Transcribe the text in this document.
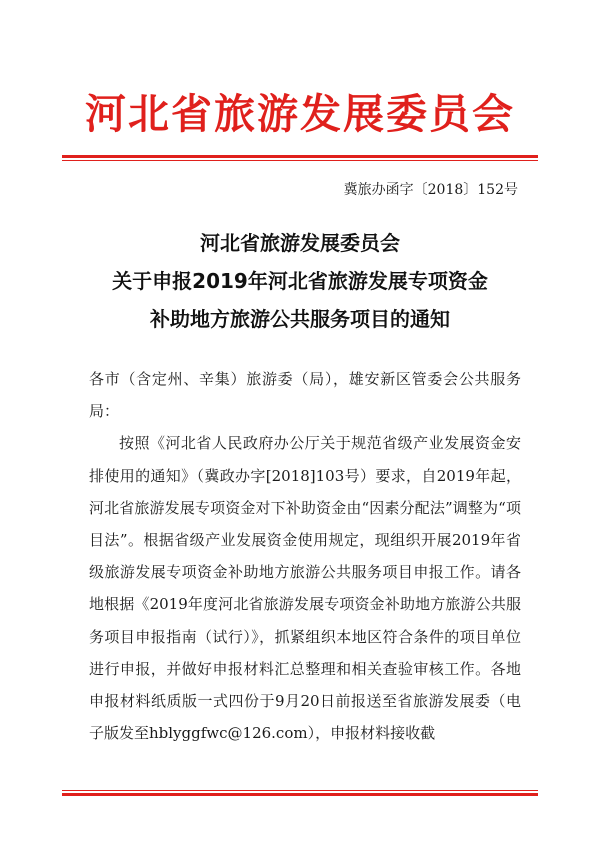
河北省旅游发展委员会
冀旅办函字〔2018〕152号
河北省旅游发展委员会
关于申报2019年河北省旅游发展专项资金
补助地方旅游公共服务项目的通知

各市（含定州、辛集）旅游委（局），雄安新区管委会公共服务局：

按照《河北省人民政府办公厅关于规范省级产业发展资金安排使用的通知》（冀政办字[2018]103号）要求，自2019年起，河北省旅游发展专项资金对下补助资金由“因素分配法”调整为“项目法”。根据省级产业发展资金使用规定，现组织开展2019年省级旅游发展专项资金补助地方旅游公共服务项目申报工作。请各地根据《2019年度河北省旅游发展专项资金补助地方旅游公共服务项目申报指南（试行）》，抓紧组织本地区符合条件的项目单位进行申报，并做好申报材料汇总整理和相关查验审核工作。各地申报材料纸质版一式四份于9月20日前报送至省旅游发展委（电子版发至hblyggfwc@126.com），申报材料接收截
